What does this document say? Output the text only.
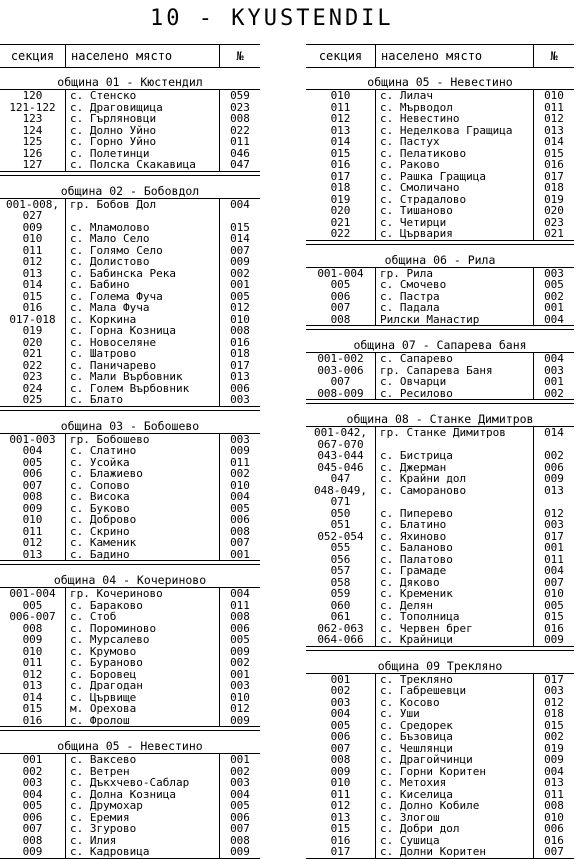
10 - KYUSTENDIL
секция	населено място	№
община 01 - Кюстендил
120	с. Стенско	059
121-122	с. Драговищица	023
123	с. Гърляновци	008
124	с. Долно Уйно	022
125	с. Горно Уйно	011
126	с. Полетинци	046
127	с. Полска Скакавица	047
община 02 - Бобовдол
001-008,	гр. Бобов Дол	004
027
009	с. Мламолово	015
010	с. Мало Село	014
011	с. Голямо Село	007
012	с. Долистово	009
013	с. Бабинска Река	002
014	с. Бабино	001
015	с. Голема Фуча	005
016	с. Мала Фуча	012
017-018	с. Коркина	010
019	с. Горна Козница	008
020	с. Новоселяне	016
021	с. Шатрово	018
022	с. Паничарево	017
023	с. Мали Върбовник	013
024	с. Голем Върбовник	006
025	с. Блато	003
община 03 - Бобошево
001-003	гр. Бобошево	003
004	с. Слатино	009
005	с. Усойка	011
006	с. Блажиево	002
007	с. Сопово	010
008	с. Висока	004
009	с. Буково	005
010	с. Доброво	006
011	с. Скрино	008
012	с. Каменик	007
013	с. Бадино	001
община 04 - Кочериново
001-004	гр. Кочериново	004
005	с. Бараково	011
006-007	с. Стоб	008
008	с. Пороминово	006
009	с. Мурсалево	005
010	с. Крумово	009
011	с. Бураново	002
012	с. Боровец	001
013	с. Драгодан	003
014	с. Цървище	010
015	м. Орехова	012
016	с. Фролош	009
община 05 - Невестино
001	с. Ваксево	001
002	с. Ветрен	002
003	с. Дъкхчево-Саблар	003
004	с. Долна Козница	004
005	с. Друмохар	005
006	с. Еремия	006
007	с. Згурово	007
008	с. Илия	008
009	с. Кадровица	009
секция	населено място	№
община 05 - Невестино
010	с. Лилач	010
011	с. Мърводол	011
012	с. Невестино	012
013	с. Неделкова Гращица	013
014	с. Пастух	014
015	с. Пелатиково	015
016	с. Раково	016
017	с. Рашка Гращица	017
018	с. Смоличано	018
019	с. Страдалово	019
020	с. Тишаново	020
021	с. Четирци	023
022	с. Цървария	021
община 06 - Рила
001-004	гр. Рила	003
005	с. Смочево	005
006	с. Пастра	002
007	с. Падала	001
008	Рилски Манастир	004
община 07 - Сапарева баня
001-002	с. Сапарево	004
003-006	гр. Сапарева Баня	003
007	с. Овчарци	001
008-009	с. Ресилово	002
община 08 - Станке Димитров
001-042,	гр. Станке Димитров	014
067-070
043-044	с. Бистрица	002
045-046	с. Джерман	006
047	с. Крайни дол	009
048-049,	с. Самораново	013
071
050	с. Пиперево	012
051	с. Блатино	003
052-054	с. Яхиново	017
055	с. Бaланово	001
056	с. Палатово	011
057	с. Грамаде	004
058	с. Дяково	007
059	с. Кременик	010
060	с. Делян	005
061	с. Тополница	015
062-063	с. Червен брег	016
064-066	с. Крайници	009
община 09 Трекляно
001	с. Трекляно	017
002	с. Габрешевци	003
003	с. Косово	012
004	с. Уши	018
005	с. Средорек	015
006	с. Бъзовица	002
007	с. Чешлянци	019
008	с. Драгойчинци	009
009	с. Горни Коритен	004
010	с. Метохия	013
011	с. Киселица	011
012	с. Долно Кобиле	008
013	с. Злогош	010
015	с. Добри дол	006
016	с. Сушица	016
017	с. Долни Коритен	007
